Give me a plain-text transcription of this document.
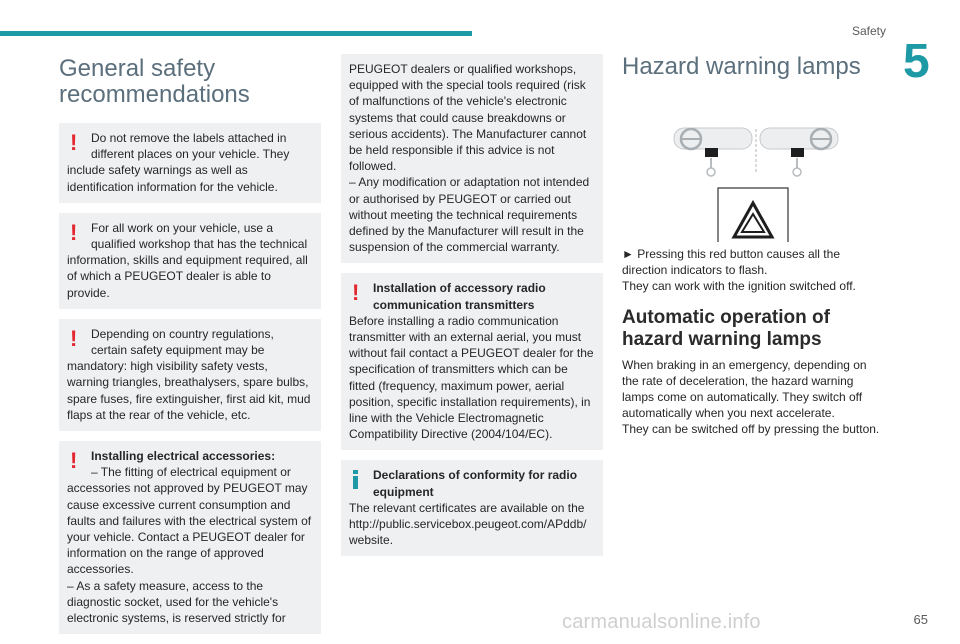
Safety
5
General safety recommendations
!	Do not remove the labels attached in different places on your vehicle. They

include safety warnings as well as identification information for the vehicle.

!	For all work on your vehicle, use a qualified workshop that has the technical

information, skills and equipment required, all of which a PEUGEOT dealer is able to provide.

!	Depending on country regulations, certain safety equipment may be

mandatory: high visibility safety vests, warning triangles, breathalysers, spare bulbs, spare fuses, fire extinguisher, first aid kit, mud flaps at the rear of the vehicle, etc.

!	Installing electrical accessories:

– The fitting of electrical equipment or

accessories not approved by PEUGEOT may cause excessive current consumption and faults and failures with the electrical system of your vehicle. Contact a PEUGEOT dealer for information on the range of approved accessories.

– As a safety measure, access to the diagnostic socket, used for the vehicle's electronic systems, is reserved strictly for

PEUGEOT dealers or qualified workshops, equipped with the special tools required (risk of malfunctions of the vehicle's electronic systems that could cause breakdowns or serious accidents). The Manufacturer cannot be held responsible if this advice is not followed.

– Any modification or adaptation not intended or authorised by PEUGEOT or carried out without meeting the technical requirements defined by the Manufacturer will result in the suspension of the commercial warranty.

!	Installation of accessory radio communication transmitters

Before installing a radio communication transmitter with an external aerial, you must without fail contact a PEUGEOT dealer for the specification of transmitters which can be fitted (frequency, maximum power, aerial position, specific installation requirements), in line with the Vehicle Electromagnetic Compatibility Directive (2004/104/EC).

Declarations of conformity for radio equipment

The relevant certificates are available on the http://public.servicebox.peugeot.com/APddb/ website.

Hazard warning lamps

► Pressing this red button causes all the direction indicators to flash.

They can work with the ignition switched off.

Automatic operation of hazard warning lamps

When braking in an emergency, depending on the rate of deceleration, the hazard warning lamps come on automatically. They switch off automatically when you next accelerate.

They can be switched off by pressing the button.

carmanualsonline.info	65
